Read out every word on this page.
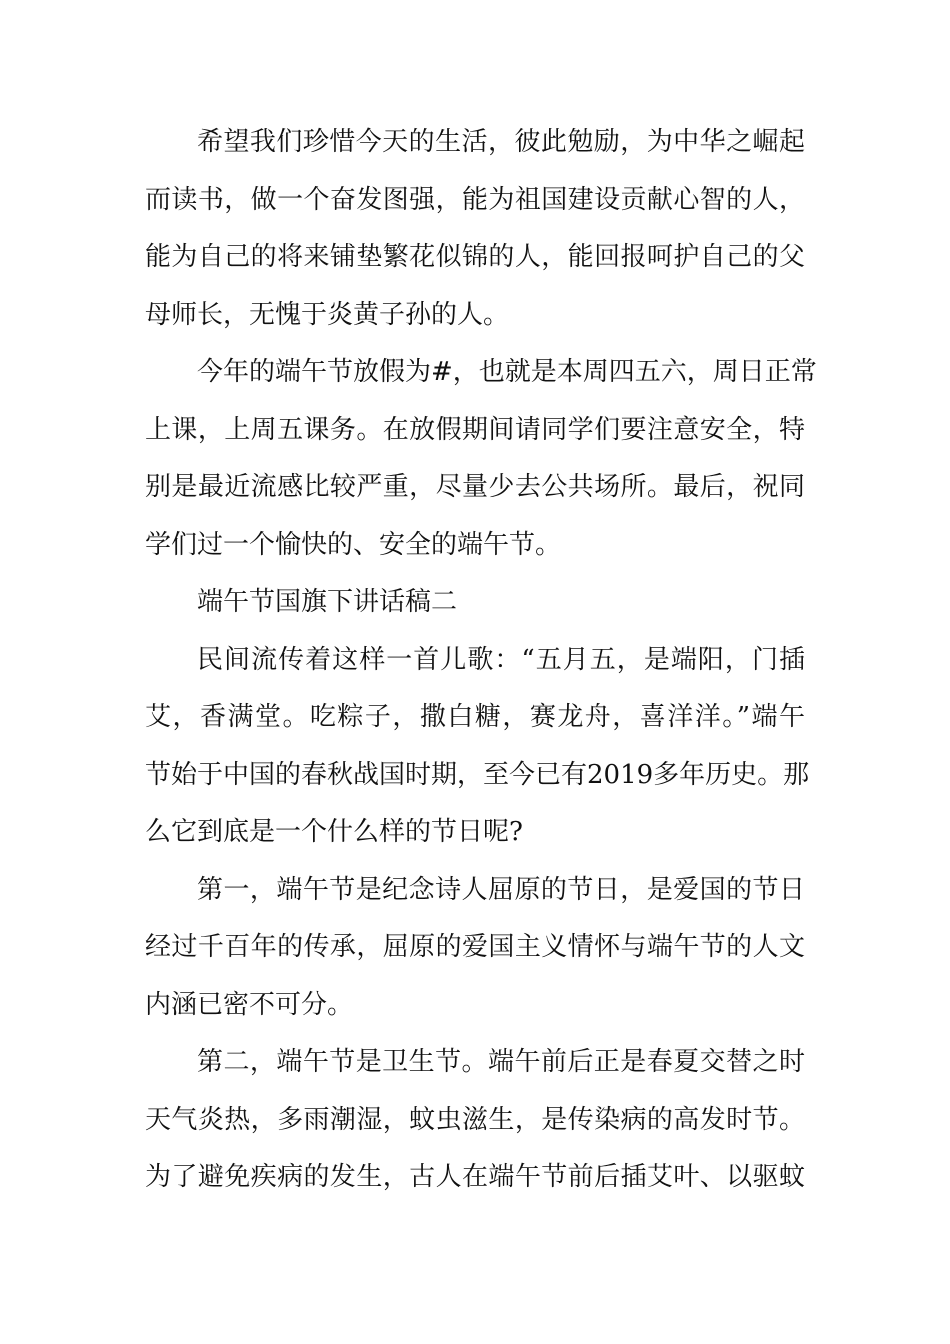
希望我们珍惜今天的生活，彼此勉励，为中华之崛起
而读书，做一个奋发图强，能为祖国建设贡献心智的人，
能为自己的将来铺垫繁花似锦的人，能回报呵护自己的父
母师长，无愧于炎黄子孙的人。
今年的端午节放假为#，也就是本周四五六，周日正常
上课，上周五课务。在放假期间请同学们要注意安全，特
别是最近流感比较严重，尽量少去公共场所。最后，祝同
学们过一个愉快的、安全的端午节。
端午节国旗下讲话稿二
民间流传着这样一首儿歌：“五月五，是端阳，门插
艾，香满堂。吃粽子，撒白糖，赛龙舟，喜洋洋。”端午
节始于中国的春秋战国时期，至今已有2019多年历史。那
么它到底是一个什么样的节日呢?
第一，端午节是纪念诗人屈原的节日，是爱国的节日
经过千百年的传承，屈原的爱国主义情怀与端午节的人文
内涵已密不可分。
第二，端午节是卫生节。端午前后正是春夏交替之时
天气炎热，多雨潮湿，蚊虫滋生，是传染病的高发时节。
为了避免疾病的发生，古人在端午节前后插艾叶、以驱蚊
